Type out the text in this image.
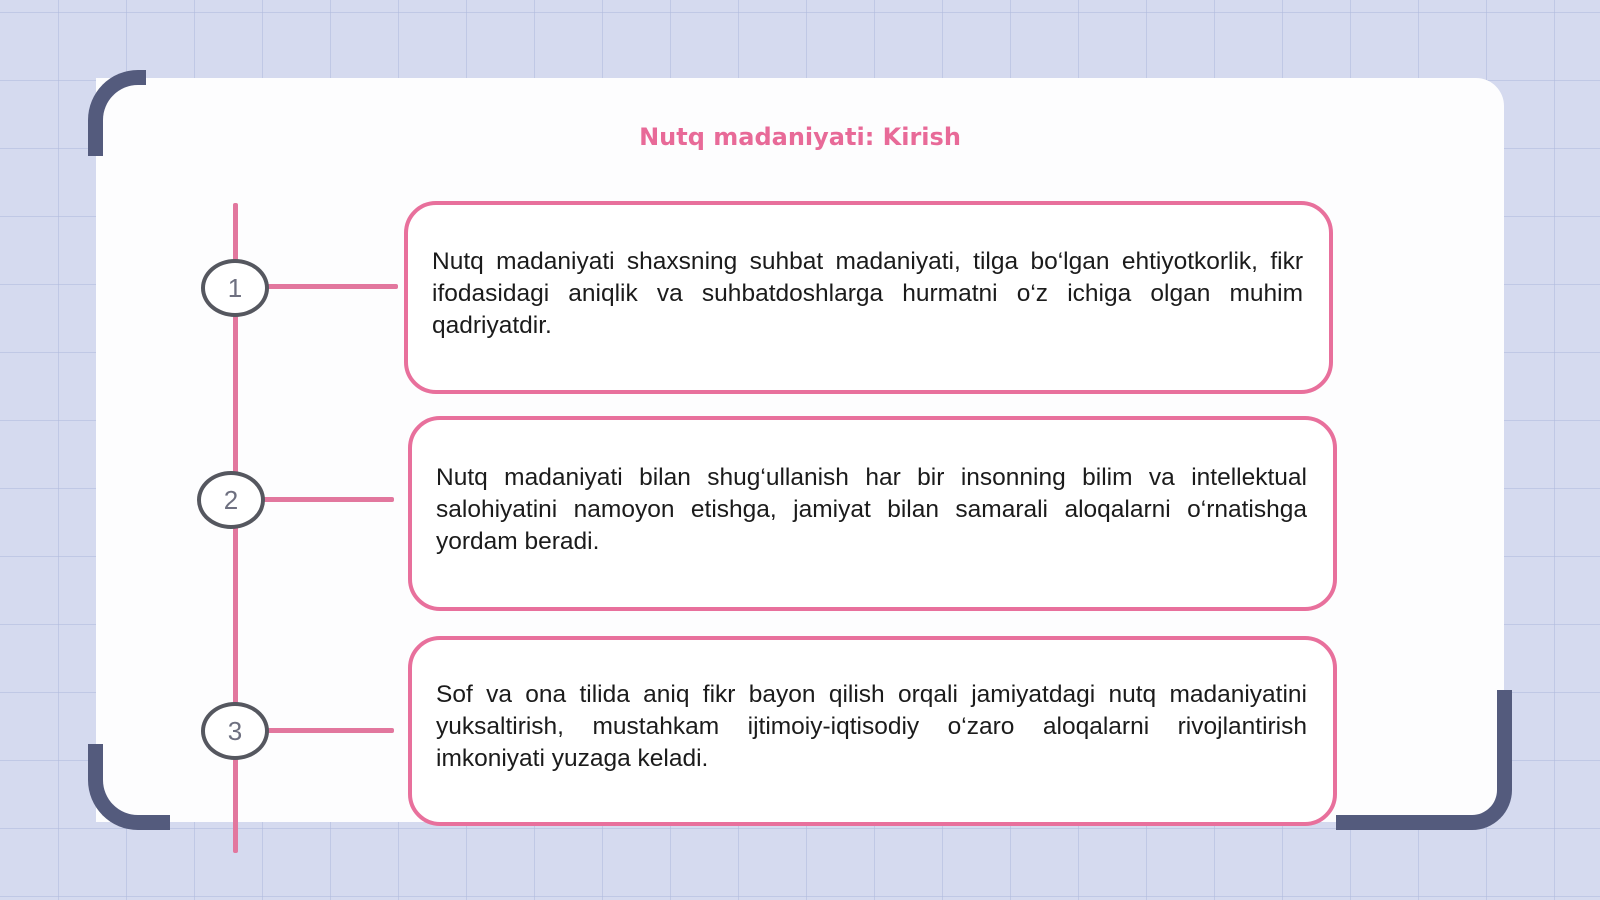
Nutq madaniyati: Kirish
1
2
3

Nutq madaniyati shaxsning suhbat madaniyati, tilga bo‘lgan ehtiyotkorlik, fikr ifodasidagi aniqlik va suhbatdoshlarga hurmatni o‘z ichiga olgan muhim qadriyatdir.

Nutq madaniyati bilan shug‘ullanish har bir insonning bilim va intellektual salohiyatini namoyon etishga, jamiyat bilan samarali aloqalarni o‘rnatishga yordam beradi.

Sof va ona tilida aniq fikr bayon qilish orqali jamiyatdagi nutq madaniyatini yuksaltirish, mustahkam ijtimoiy-iqtisodiy o‘zaro aloqalarni rivojlantirish imkoniyati yuzaga keladi.
